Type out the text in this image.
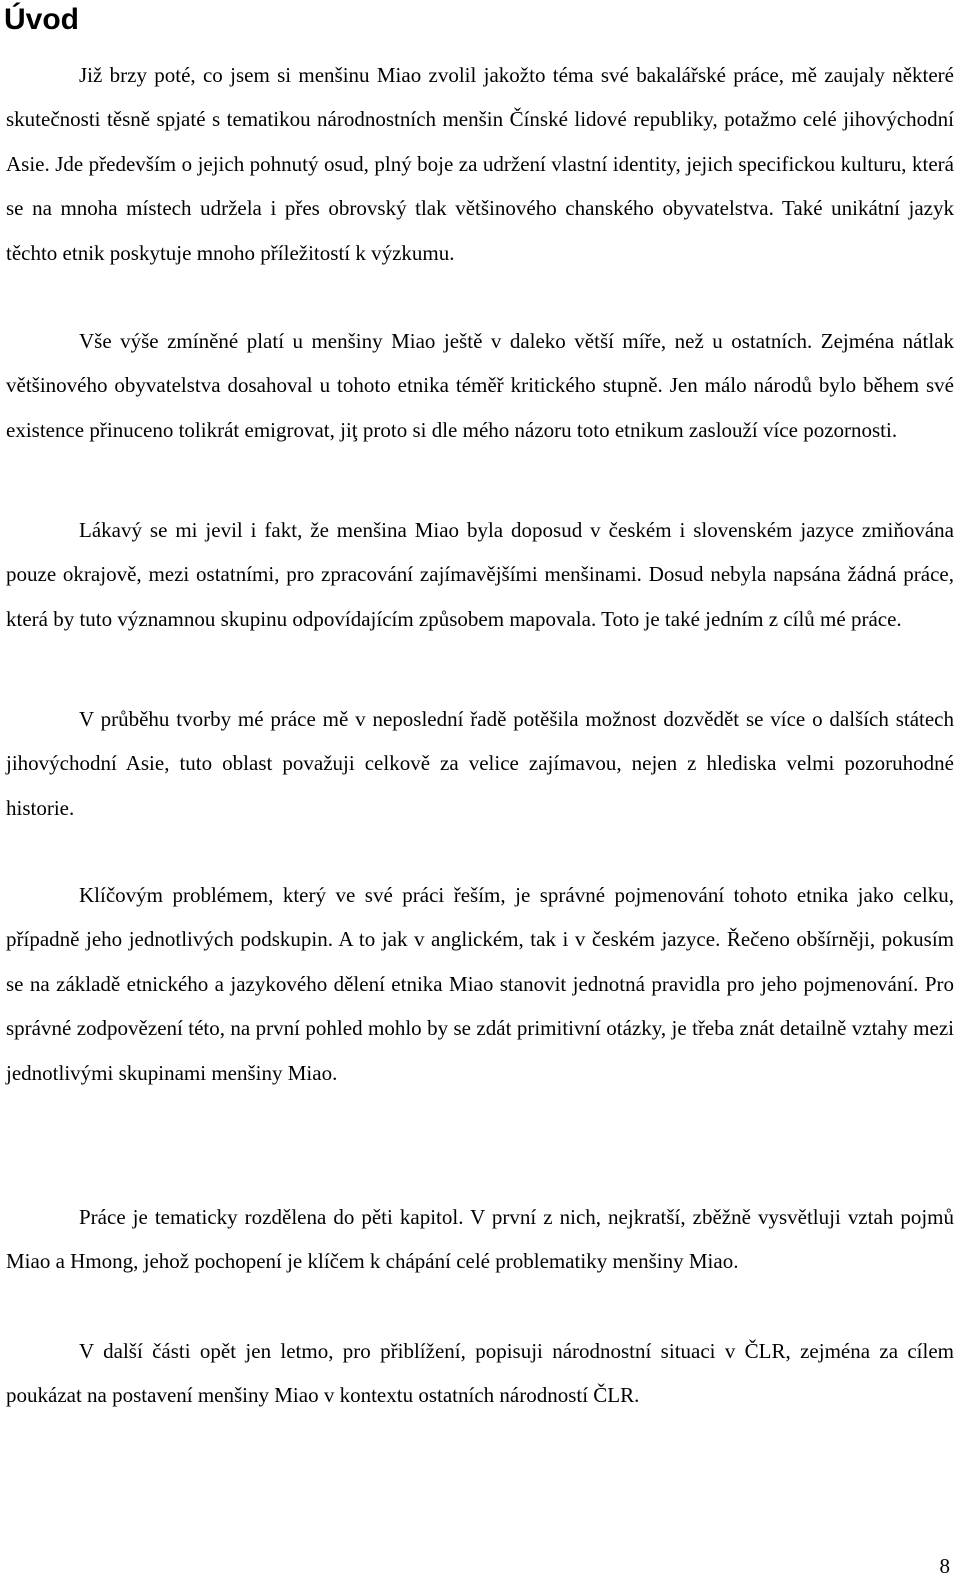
Úvod

Již brzy poté, co jsem si menšinu Miao zvolil jakožto téma své bakalářské práce, mě zaujaly některé skutečnosti těsně spjaté s tematikou národnostních menšin Čínské lidové republiky, potažmo celé jihovýchodní Asie. Jde především o jejich pohnutý osud, plný boje za udržení vlastní identity, jejich specifickou kulturu, která se na mnoha místech udržela i přes obrovský tlak většinového chanského obyvatelstva. Také unikátní jazyk těchto etnik poskytuje mnoho příležitostí k výzkumu.

Vše výše zmíněné platí u menšiny Miao ještě v daleko větší míře, než u ostatních. Zejména nátlak většinového obyvatelstva dosahoval u tohoto etnika téměř kritického stupně. Jen málo národů bylo během své existence přinuceno tolikrát emigrovat, jiţ proto si dle mého názoru toto etnikum zaslouží více pozornosti.

Lákavý se mi jevil i fakt, že menšina Miao byla doposud v českém i slovenském jazyce zmiňována pouze okrajově, mezi ostatními, pro zpracování zajímavějšími menšinami. Dosud nebyla napsána žádná práce, která by tuto významnou skupinu odpovídajícím způsobem mapovala. Toto je také jedním z cílů mé práce.

V průběhu tvorby mé práce mě v neposlední řadě potěšila možnost dozvědět se více o dalších státech jihovýchodní Asie, tuto oblast považuji celkově za velice zajímavou, nejen z hlediska velmi pozoruhodné historie.

Klíčovým problémem, který ve své práci řeším, je správné pojmenování tohoto etnika jako celku, případně jeho jednotlivých podskupin. A to jak v anglickém, tak i v českém jazyce. Řečeno obšírněji, pokusím se na základě etnického a jazykového dělení etnika Miao stanovit jednotná pravidla pro jeho pojmenování. Pro správné zodpovězení této, na první pohled mohlo by se zdát primitivní otázky, je třeba znát detailně vztahy mezi jednotlivými skupinami menšiny Miao.

Práce je tematicky rozdělena do pěti kapitol. V první z nich, nejkratší, zběžně vysvětluji vztah pojmů Miao a Hmong, jehož pochopení je klíčem k chápání celé problematiky menšiny Miao.

V další části opět jen letmo, pro přiblížení, popisuji národnostní situaci v ČLR, zejména za cílem poukázat na postavení menšiny Miao v kontextu ostatních národností ČLR.

8
